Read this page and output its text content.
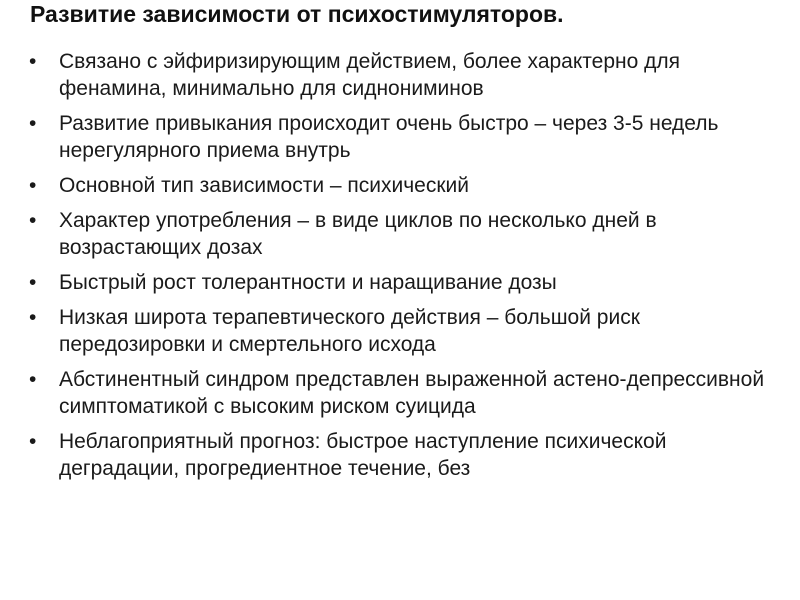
Развитие зависимости от психостимуляторов.
• Связано с эйфиризирующим действием, более характерно для фенамина, минимально для сиднониминов
• Развитие привыкания происходит очень быстро – через 3-5 недель нерегулярного приема внутрь
• Основной тип зависимости – психический
• Характер употребления – в виде циклов по несколько дней в возрастающих дозах
• Быстрый рост толерантности и наращивание дозы
• Низкая широта терапевтического действия – большой риск передозировки и смертельного исхода
• Абстинентный синдром представлен выраженной астено-депрессивной симптоматикой с высоким риском суицида
• Неблагоприятный прогноз: быстрое наступление психической деградации, прогредиентное течение, без
